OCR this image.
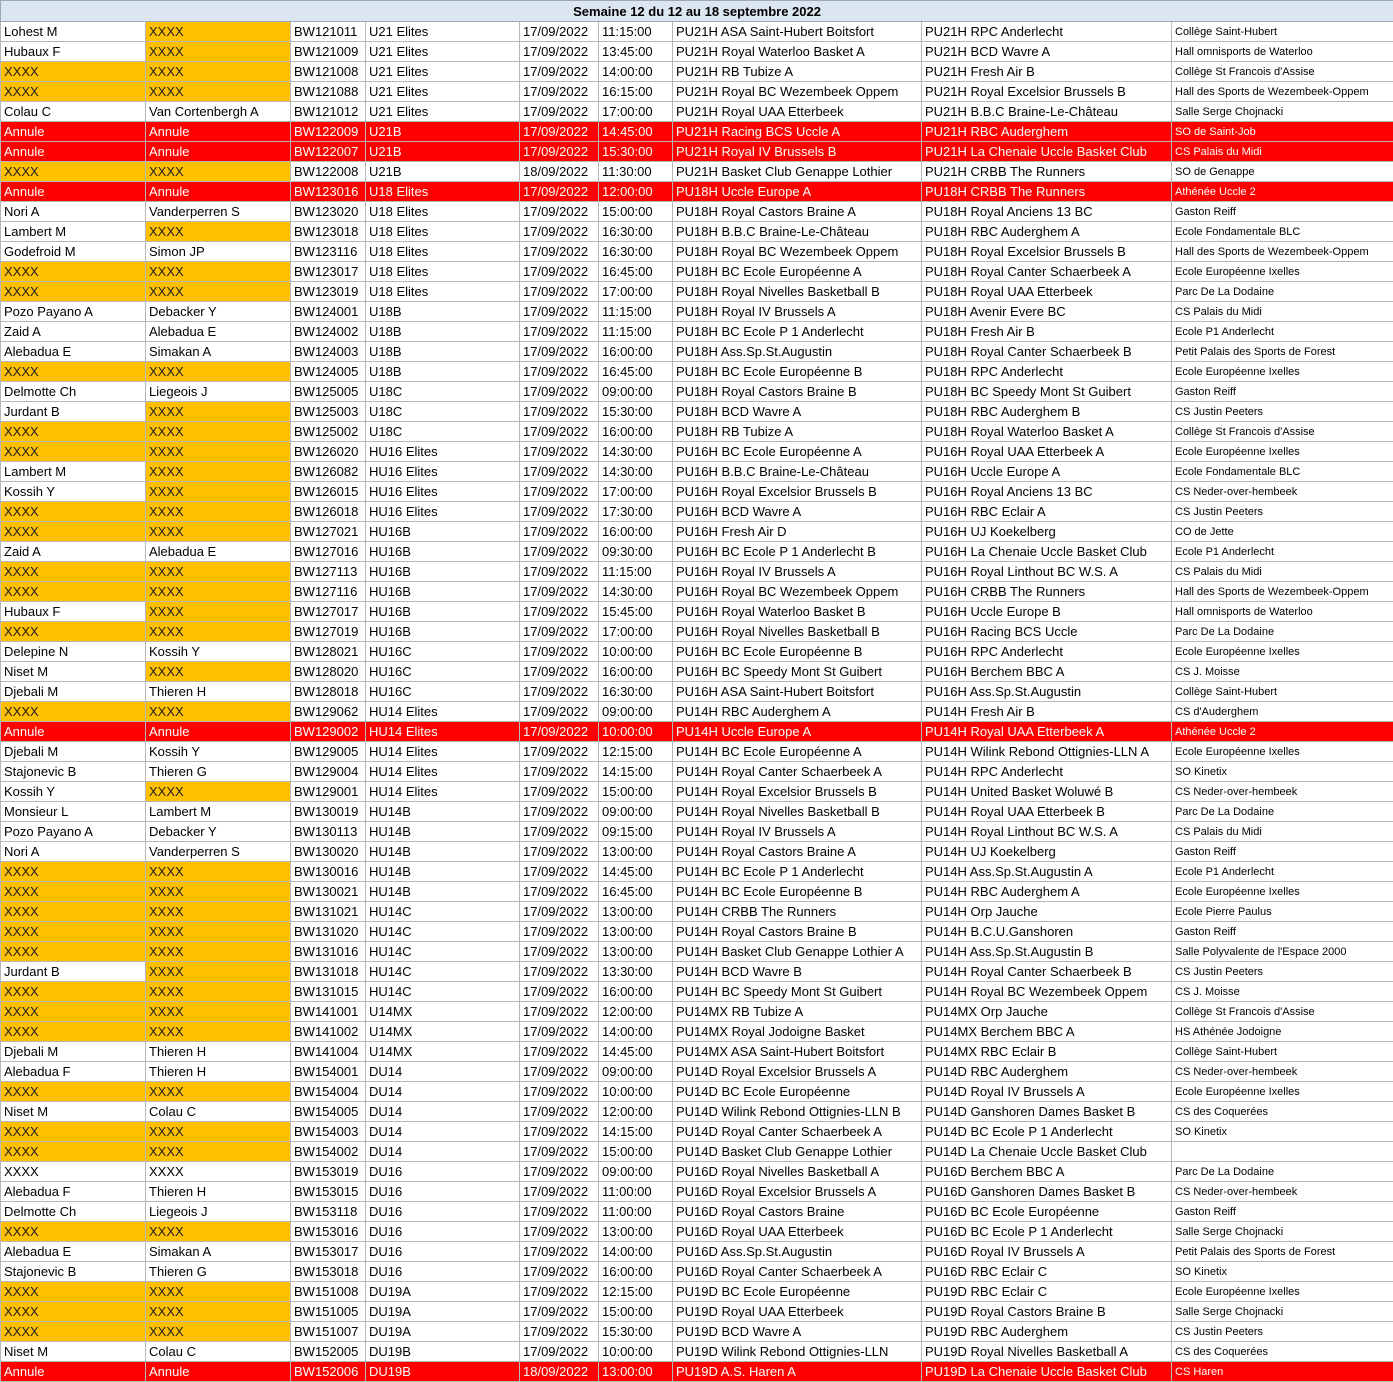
Semaine 12 du 12 au 18 septembre 2022								
Lohest M	XXXX	BW121011	U21 Elites	17/09/2022	11:15:00	PU21H ASA Saint-Hubert Boitsfort	PU21H RPC Anderlecht	Collège Saint-Hubert
Hubaux F	XXXX	BW121009	U21 Elites	17/09/2022	13:45:00	PU21H Royal Waterloo Basket A	PU21H BCD Wavre A	Hall omnisports de Waterloo
XXXX	XXXX	BW121008	U21 Elites	17/09/2022	14:00:00	PU21H RB Tubize A	PU21H Fresh Air B	Collège St Francois d'Assise
XXXX	XXXX	BW121088	U21 Elites	17/09/2022	16:15:00	PU21H Royal BC Wezembeek Oppem	PU21H Royal Excelsior Brussels B	Hall des Sports de Wezembeek-Oppem
Colau C	Van Cortenbergh A	BW121012	U21 Elites	17/09/2022	17:00:00	PU21H Royal UAA Etterbeek	PU21H B.B.C Braine-Le-Château	Salle Serge Chojnacki
Annule	Annule	BW122009	U21B	17/09/2022	14:45:00	PU21H Racing BCS Uccle A	PU21H RBC Auderghem	SO de Saint-Job
Annule	Annule	BW122007	U21B	17/09/2022	15:30:00	PU21H Royal IV Brussels B	PU21H La Chenaie Uccle Basket Club	CS Palais du Midi
XXXX	XXXX	BW122008	U21B	18/09/2022	11:30:00	PU21H Basket Club Genappe Lothier	PU21H CRBB The Runners	SO de Genappe
Annule	Annule	BW123016	U18 Elites	17/09/2022	12:00:00	PU18H Uccle Europe A	PU18H CRBB The Runners	Athénée Uccle 2
Nori A	Vanderperren S	BW123020	U18 Elites	17/09/2022	15:00:00	PU18H Royal Castors Braine A	PU18H Royal Anciens 13 BC	Gaston Reiff
Lambert M	XXXX	BW123018	U18 Elites	17/09/2022	16:30:00	PU18H B.B.C Braine-Le-Château	PU18H RBC Auderghem A	Ecole Fondamentale BLC
Godefroid M	Simon JP	BW123116	U18 Elites	17/09/2022	16:30:00	PU18H Royal BC Wezembeek Oppem	PU18H Royal Excelsior Brussels B	Hall des Sports de Wezembeek-Oppem
XXXX	XXXX	BW123017	U18 Elites	17/09/2022	16:45:00	PU18H BC Ecole Européenne A	PU18H Royal Canter Schaerbeek A	Ecole Européenne Ixelles
XXXX	XXXX	BW123019	U18 Elites	17/09/2022	17:00:00	PU18H Royal Nivelles Basketball B	PU18H Royal UAA Etterbeek	Parc De La Dodaine
Pozo Payano A	Debacker Y	BW124001	U18B	17/09/2022	11:15:00	PU18H Royal IV Brussels A	PU18H Avenir Evere BC	CS Palais du Midi
Zaid A	Alebadua E	BW124002	U18B	17/09/2022	11:15:00	PU18H BC Ecole P 1 Anderlecht	PU18H Fresh Air B	Ecole P1 Anderlecht
Alebadua E	Simakan A	BW124003	U18B	17/09/2022	16:00:00	PU18H Ass.Sp.St.Augustin	PU18H Royal Canter Schaerbeek B	Petit Palais des Sports de Forest
XXXX	XXXX	BW124005	U18B	17/09/2022	16:45:00	PU18H BC Ecole Européenne B	PU18H RPC Anderlecht	Ecole Européenne Ixelles
Delmotte Ch	Liegeois J	BW125005	U18C	17/09/2022	09:00:00	PU18H Royal Castors Braine B	PU18H BC Speedy Mont St Guibert	Gaston Reiff
Jurdant B	XXXX	BW125003	U18C	17/09/2022	15:30:00	PU18H BCD Wavre A	PU18H RBC Auderghem B	CS Justin Peeters
XXXX	XXXX	BW125002	U18C	17/09/2022	16:00:00	PU18H RB Tubize A	PU18H Royal Waterloo Basket A	Collège St Francois d'Assise
XXXX	XXXX	BW126020	HU16 Elites	17/09/2022	14:30:00	PU16H BC Ecole Européenne A	PU16H Royal UAA Etterbeek A	Ecole Européenne Ixelles
Lambert M	XXXX	BW126082	HU16 Elites	17/09/2022	14:30:00	PU16H B.B.C Braine-Le-Château	PU16H Uccle Europe A	Ecole Fondamentale BLC
Kossih Y	XXXX	BW126015	HU16 Elites	17/09/2022	17:00:00	PU16H Royal Excelsior Brussels B	PU16H Royal Anciens 13 BC	CS Neder-over-hembeek
XXXX	XXXX	BW126018	HU16 Elites	17/09/2022	17:30:00	PU16H BCD Wavre A	PU16H RBC Eclair A	CS Justin Peeters
XXXX	XXXX	BW127021	HU16B	17/09/2022	16:00:00	PU16H Fresh Air D	PU16H UJ Koekelberg	CO de Jette
Zaid A	Alebadua E	BW127016	HU16B	17/09/2022	09:30:00	PU16H BC Ecole P 1 Anderlecht B	PU16H La Chenaie Uccle Basket Club	Ecole P1 Anderlecht
XXXX	XXXX	BW127113	HU16B	17/09/2022	11:15:00	PU16H Royal IV Brussels A	PU16H Royal Linthout BC W.S. A	CS Palais du Midi
XXXX	XXXX	BW127116	HU16B	17/09/2022	14:30:00	PU16H Royal BC Wezembeek Oppem	PU16H CRBB The Runners	Hall des Sports de Wezembeek-Oppem
Hubaux F	XXXX	BW127017	HU16B	17/09/2022	15:45:00	PU16H Royal Waterloo Basket B	PU16H Uccle Europe B	Hall omnisports de Waterloo
XXXX	XXXX	BW127019	HU16B	17/09/2022	17:00:00	PU16H Royal Nivelles Basketball B	PU16H Racing BCS Uccle	Parc De La Dodaine
Delepine N	Kossih Y	BW128021	HU16C	17/09/2022	10:00:00	PU16H BC Ecole Européenne B	PU16H RPC Anderlecht	Ecole Européenne Ixelles
Niset M	XXXX	BW128020	HU16C	17/09/2022	16:00:00	PU16H BC Speedy Mont St Guibert	PU16H Berchem BBC A	CS J. Moisse
Djebali M	Thieren H	BW128018	HU16C	17/09/2022	16:30:00	PU16H ASA Saint-Hubert Boitsfort	PU16H Ass.Sp.St.Augustin	Collège Saint-Hubert
XXXX	XXXX	BW129062	HU14 Elites	17/09/2022	09:00:00	PU14H RBC Auderghem A	PU14H Fresh Air B	CS d'Auderghem
Annule	Annule	BW129002	HU14 Elites	17/09/2022	10:00:00	PU14H Uccle Europe A	PU14H Royal UAA Etterbeek A	Athénée Uccle 2
Djebali M	Kossih Y	BW129005	HU14 Elites	17/09/2022	12:15:00	PU14H BC Ecole Européenne A	PU14H Wilink Rebond Ottignies-LLN A	Ecole Européenne Ixelles
Stajonevic B	Thieren G	BW129004	HU14 Elites	17/09/2022	14:15:00	PU14H Royal Canter Schaerbeek A	PU14H RPC Anderlecht	SO Kinetix
Kossih Y	XXXX	BW129001	HU14 Elites	17/09/2022	15:00:00	PU14H Royal Excelsior Brussels B	PU14H United Basket Woluwé B	CS Neder-over-hembeek
Monsieur L	Lambert M	BW130019	HU14B	17/09/2022	09:00:00	PU14H Royal Nivelles Basketball B	PU14H Royal UAA Etterbeek B	Parc De La Dodaine
Pozo Payano A	Debacker Y	BW130113	HU14B	17/09/2022	09:15:00	PU14H Royal IV Brussels A	PU14H Royal Linthout BC W.S. A	CS Palais du Midi
Nori A	Vanderperren S	BW130020	HU14B	17/09/2022	13:00:00	PU14H Royal Castors Braine A	PU14H UJ Koekelberg	Gaston Reiff
XXXX	XXXX	BW130016	HU14B	17/09/2022	14:45:00	PU14H BC Ecole P 1 Anderlecht	PU14H Ass.Sp.St.Augustin A	Ecole P1 Anderlecht
XXXX	XXXX	BW130021	HU14B	17/09/2022	16:45:00	PU14H BC Ecole Européenne B	PU14H RBC Auderghem A	Ecole Européenne Ixelles
XXXX	XXXX	BW131021	HU14C	17/09/2022	13:00:00	PU14H CRBB The Runners	PU14H Orp Jauche	Ecole Pierre Paulus
XXXX	XXXX	BW131020	HU14C	17/09/2022	13:00:00	PU14H Royal Castors Braine B	PU14H B.C.U.Ganshoren	Gaston Reiff
XXXX	XXXX	BW131016	HU14C	17/09/2022	13:00:00	PU14H Basket Club Genappe Lothier A	PU14H Ass.Sp.St.Augustin B	Salle Polyvalente de l'Espace 2000
Jurdant B	XXXX	BW131018	HU14C	17/09/2022	13:30:00	PU14H BCD Wavre B	PU14H Royal Canter Schaerbeek B	CS Justin Peeters
XXXX	XXXX	BW131015	HU14C	17/09/2022	16:00:00	PU14H BC Speedy Mont St Guibert	PU14H Royal BC Wezembeek Oppem	CS J. Moisse
XXXX	XXXX	BW141001	U14MX	17/09/2022	12:00:00	PU14MX RB Tubize A	PU14MX Orp Jauche	Collège St Francois d'Assise
XXXX	XXXX	BW141002	U14MX	17/09/2022	14:00:00	PU14MX Royal Jodoigne Basket	PU14MX Berchem BBC A	HS Athénée Jodoigne
Djebali M	Thieren H	BW141004	U14MX	17/09/2022	14:45:00	PU14MX ASA Saint-Hubert Boitsfort	PU14MX RBC Eclair B	Collège Saint-Hubert
Alebadua F	Thieren H	BW154001	DU14	17/09/2022	09:00:00	PU14D Royal Excelsior Brussels A	PU14D RBC Auderghem	CS Neder-over-hembeek
XXXX	XXXX	BW154004	DU14	17/09/2022	10:00:00	PU14D BC Ecole Européenne	PU14D Royal IV Brussels A	Ecole Européenne Ixelles
Niset M	Colau C	BW154005	DU14	17/09/2022	12:00:00	PU14D Wilink Rebond Ottignies-LLN B	PU14D Ganshoren Dames Basket B	CS des Coquerées
XXXX	XXXX	BW154003	DU14	17/09/2022	14:15:00	PU14D Royal Canter Schaerbeek A	PU14D BC Ecole P 1 Anderlecht	SO Kinetix
XXXX	XXXX	BW154002	DU14	17/09/2022	15:00:00	PU14D Basket Club Genappe Lothier	PU14D La Chenaie Uccle Basket Club	
XXXX	XXXX	BW153019	DU16	17/09/2022	09:00:00	PU16D Royal Nivelles Basketball A	PU16D Berchem BBC A	Parc De La Dodaine
Alebadua F	Thieren H	BW153015	DU16	17/09/2022	11:00:00	PU16D Royal Excelsior Brussels A	PU16D Ganshoren Dames Basket B	CS Neder-over-hembeek
Delmotte Ch	Liegeois J	BW153118	DU16	17/09/2022	11:00:00	PU16D Royal Castors Braine	PU16D BC Ecole Européenne	Gaston Reiff
XXXX	XXXX	BW153016	DU16	17/09/2022	13:00:00	PU16D Royal UAA Etterbeek	PU16D BC Ecole P 1 Anderlecht	Salle Serge Chojnacki
Alebadua E	Simakan A	BW153017	DU16	17/09/2022	14:00:00	PU16D Ass.Sp.St.Augustin	PU16D Royal IV Brussels A	Petit Palais des Sports de Forest
Stajonevic B	Thieren G	BW153018	DU16	17/09/2022	16:00:00	PU16D Royal Canter Schaerbeek A	PU16D RBC Eclair C	SO Kinetix
XXXX	XXXX	BW151008	DU19A	17/09/2022	12:15:00	PU19D BC Ecole Européenne	PU19D RBC Eclair C	Ecole Européenne Ixelles
XXXX	XXXX	BW151005	DU19A	17/09/2022	15:00:00	PU19D Royal UAA Etterbeek	PU19D Royal Castors Braine B	Salle Serge Chojnacki
XXXX	XXXX	BW151007	DU19A	17/09/2022	15:30:00	PU19D BCD Wavre A	PU19D RBC Auderghem	CS Justin Peeters
Niset M	Colau C	BW152005	DU19B	17/09/2022	10:00:00	PU19D Wilink Rebond Ottignies-LLN	PU19D Royal Nivelles Basketball A	CS des Coquerées
Annule	Annule	BW152006	DU19B	18/09/2022	13:00:00	PU19D A.S. Haren A	PU19D La Chenaie Uccle Basket Club	CS Haren
